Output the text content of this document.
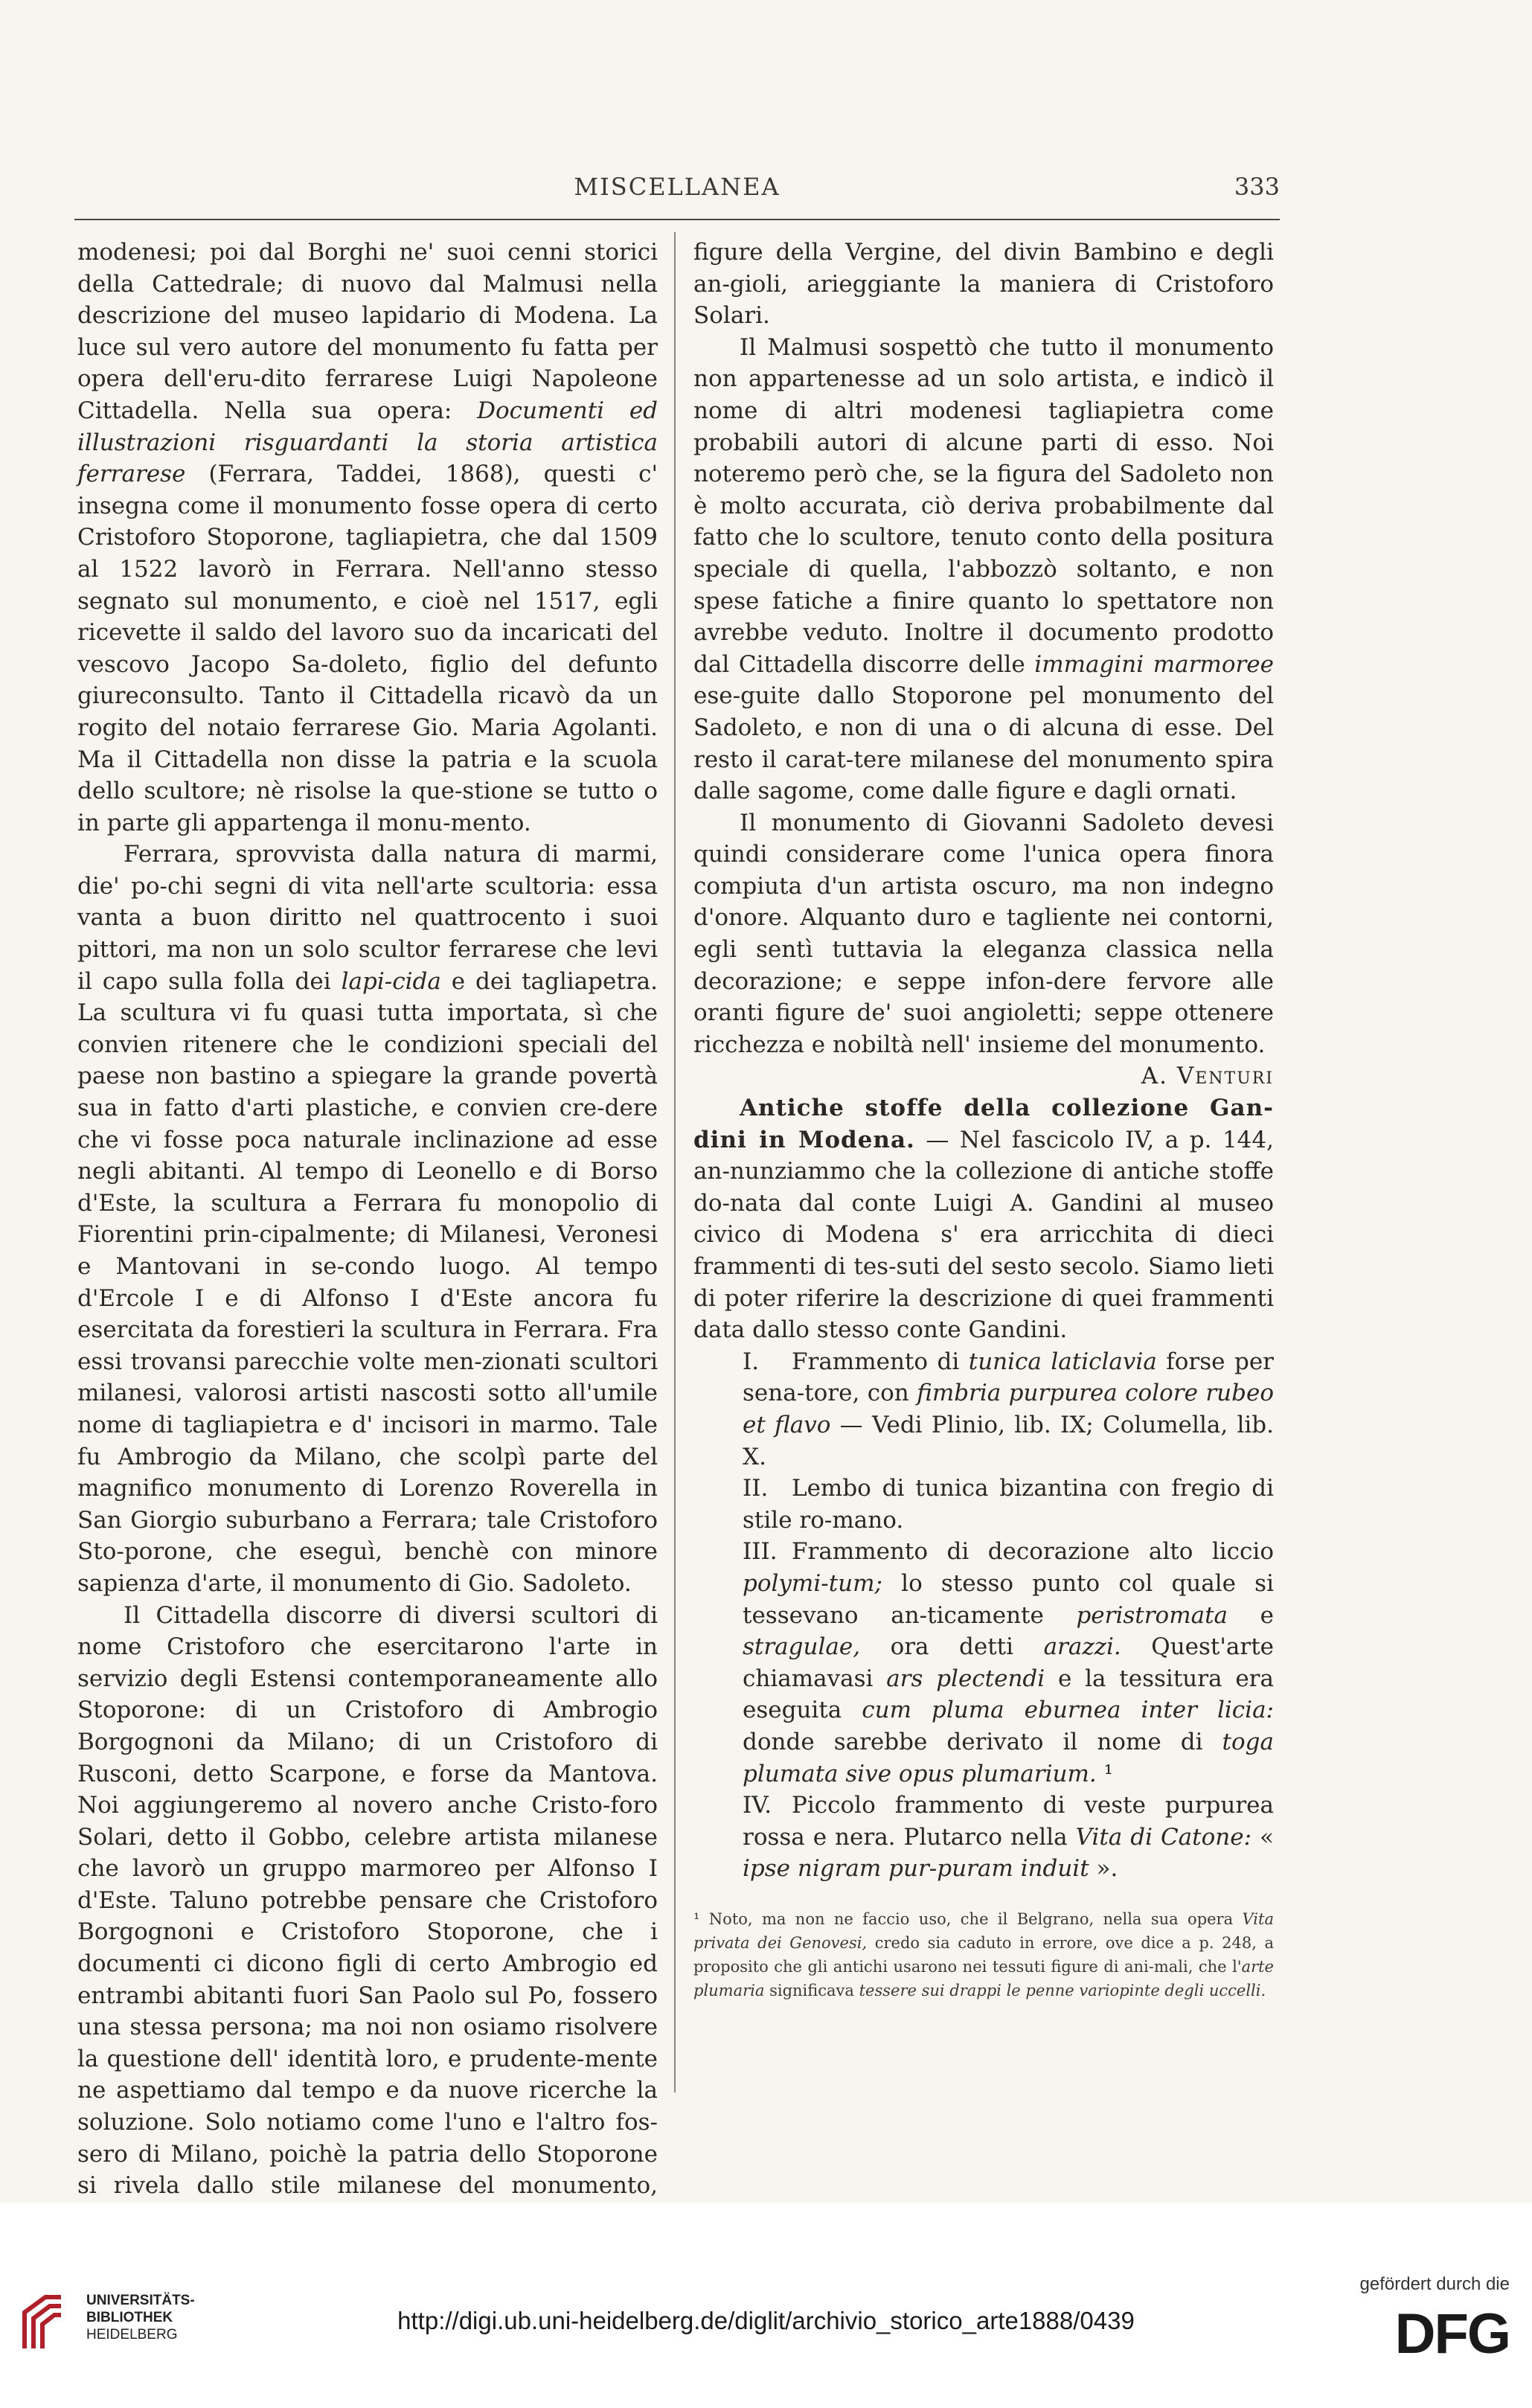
MISCELLANEA	333

modenesi; poi dal Borghi ne' suoi cenni storici della Cattedrale; di nuovo dal Malmusi nella descrizione del museo lapidario di Modena. La luce sul vero autore del monumento fu fatta per opera dell'eru-dito ferrarese Luigi Napoleone Cittadella. Nella sua opera: Documenti ed illustrazioni risguardanti la storia artistica ferrarese (Ferrara, Taddei, 1868), questi c' insegna come il monumento fosse opera di certo Cristoforo Stoporone, tagliapietra, che dal 1509 al 1522 lavorò in Ferrara. Nell'anno stesso segnato sul monumento, e cioè nel 1517, egli ricevette il saldo del lavoro suo da incaricati del vescovo Jacopo Sa-doleto, figlio del defunto giureconsulto. Tanto il Cittadella ricavò da un rogito del notaio ferrarese Gio. Maria Agolanti. Ma il Cittadella non disse la patria e la scuola dello scultore; nè risolse la que-stione se tutto o in parte gli appartenga il monu-mento.

Ferrara, sprovvista dalla natura di marmi, die' po-chi segni di vita nell'arte scultoria: essa vanta a buon diritto nel quattrocento i suoi pittori, ma non un solo scultor ferrarese che levi il capo sulla folla dei lapi-cida e dei tagliapetra. La scultura vi fu quasi tutta importata, sì che convien ritenere che le condizioni speciali del paese non bastino a spiegare la grande povertà sua in fatto d'arti plastiche, e convien cre-dere che vi fosse poca naturale inclinazione ad esse negli abitanti. Al tempo di Leonello e di Borso d'Este, la scultura a Ferrara fu monopolio di Fiorentini prin-cipalmente; di Milanesi, Veronesi e Mantovani in se-condo luogo. Al tempo d'Ercole I e di Alfonso I d'Este ancora fu esercitata da forestieri la scultura in Ferrara. Fra essi trovansi parecchie volte men-zionati scultori milanesi, valorosi artisti nascosti sotto all'umile nome di tagliapietra e d' incisori in marmo. Tale fu Ambrogio da Milano, che scolpì parte del magnifico monumento di Lorenzo Roverella in San Giorgio suburbano a Ferrara; tale Cristoforo Sto-porone, che eseguì, benchè con minore sapienza d'arte, il monumento di Gio. Sadoleto.

Il Cittadella discorre di diversi scultori di nome Cristoforo che esercitarono l'arte in servizio degli Estensi contemporaneamente allo Stoporone: di un Cristoforo di Ambrogio Borgognoni da Milano; di un Cristoforo di Rusconi, detto Scarpone, e forse da Mantova. Noi aggiungeremo al novero anche Cristo-foro Solari, detto il Gobbo, celebre artista milanese che lavorò un gruppo marmoreo per Alfonso I d'Este. Taluno potrebbe pensare che Cristoforo Borgognoni e Cristoforo Stoporone, che i documenti ci dicono figli di certo Ambrogio ed entrambi abitanti fuori San Paolo sul Po, fossero una stessa persona; ma noi non osiamo risolvere la questione dell' identità loro, e prudente-mente ne aspettiamo dal tempo e da nuove ricerche la soluzione. Solo notiamo come l'uno e l'altro fos-sero di Milano, poichè la patria dello Stoporone si rivela dallo stile milanese del monumento,

figure della Vergine, del divin Bambino e degli an-gioli, arieggiante la maniera di Cristoforo Solari.

Il Malmusi sospettò che tutto il monumento non appartenesse ad un solo artista, e indicò il nome di altri modenesi tagliapietra come probabili autori di alcune parti di esso. Noi noteremo però che, se la figura del Sadoleto non è molto accurata, ciò deriva probabilmente dal fatto che lo scultore, tenuto conto della positura speciale di quella, l'abbozzò soltanto, e non spese fatiche a finire quanto lo spettatore non avrebbe veduto. Inoltre il documento prodotto dal Cittadella discorre delle immagini marmoree ese-guite dallo Stoporone pel monumento del Sadoleto, e non di una o di alcuna di esse. Del resto il carat-tere milanese del monumento spira dalle sagome, come dalle figure e dagli ornati.

Il monumento di Giovanni Sadoleto devesi quindi considerare come l'unica opera finora compiuta d'un artista oscuro, ma non indegno d'onore. Alquanto duro e tagliente nei contorni, egli sentì tuttavia la eleganza classica nella decorazione; e seppe infon-dere fervore alle oranti figure de' suoi angioletti; seppe ottenere ricchezza e nobiltà nell' insieme del monumento.

A. Venturi

Antiche stoffe della collezione Gan-dini in Modena. — Nel fascicolo IV, a p. 144, an-nunziammo che la collezione di antiche stoffe do-nata dal conte Luigi A. Gandini al museo civico di Modena s' era arricchita di dieci frammenti di tes-suti del sesto secolo. Siamo lieti di poter riferire la descrizione di quei frammenti data dallo stesso conte Gandini.

I. Frammento di tunica laticlavia forse per sena-tore, con fimbria purpurea colore rubeo et flavo — Vedi Plinio, lib. IX; Columella, lib. X.

II. Lembo di tunica bizantina con fregio di stile ro-mano.

III. Frammento di decorazione alto liccio polymi-tum; lo stesso punto col quale si tessevano an-ticamente peristromata e stragulae, ora detti arazzi. Quest'arte chiamavasi ars plectendi e la tessitura era eseguita cum pluma eburnea inter licia: donde sarebbe derivato il nome di toga plumata sive opus plumarium. ¹

IV. Piccolo frammento di veste purpurea rossa e nera. Plutarco nella Vita di Catone: « ipse nigram pur-puram induit ».

¹ Noto, ma non ne faccio uso, che il Belgrano, nella sua opera Vita privata dei Genovesi, credo sia caduto in errore, ove dice a p. 248, a proposito che gli antichi usarono nei tessuti figure di ani-mali, che l'arte plumaria significava tessere sui drappi le penne variopinte degli uccelli.
UNIVERSITÄTS-
BIBLIOTHEK
HEIDELBERG
http://digi.ub.uni-heidelberg.de/diglit/archivio_storico_arte1888/0439
gefördert durch die
DFG
